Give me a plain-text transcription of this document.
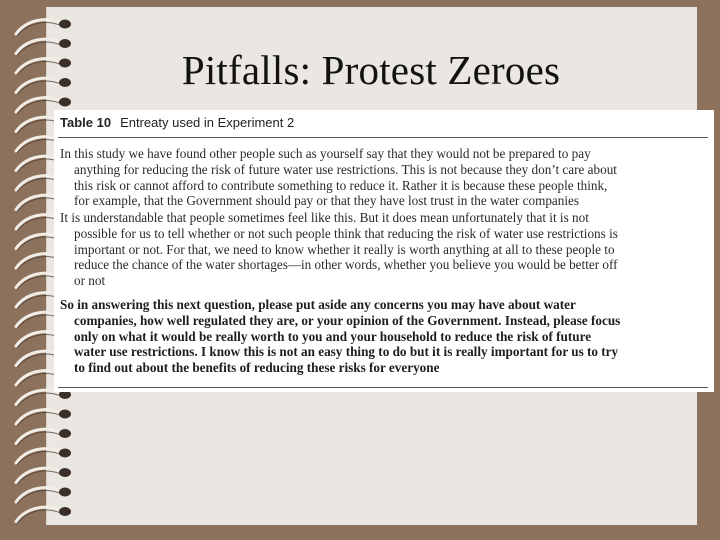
Pitfalls: Protest Zeroes
Table 10 Entreaty used in Experiment 2
In this study we have found other people such as yourself say that they would not be prepared to pay
anything for reducing the risk of future water use restrictions. This is not because they don’t care about
this risk or cannot afford to contribute something to reduce it. Rather it is because these people think,
for example, that the Government should pay or that they have lost trust in the water companies
It is understandable that people sometimes feel like this. But it does mean unfortunately that it is not
possible for us to tell whether or not such people think that reducing the risk of water use restrictions is
important or not. For that, we need to know whether it really is worth anything at all to these people to
reduce the chance of the water shortages—in other words, whether you believe you would be better off
or not
So in answering this next question, please put aside any concerns you may have about water
companies, how well regulated they are, or your opinion of the Government. Instead, please focus
only on what it would be really worth to you and your household to reduce the risk of future
water use restrictions. I know this is not an easy thing to do but it is really important for us to try
to find out about the benefits of reducing these risks for everyone
